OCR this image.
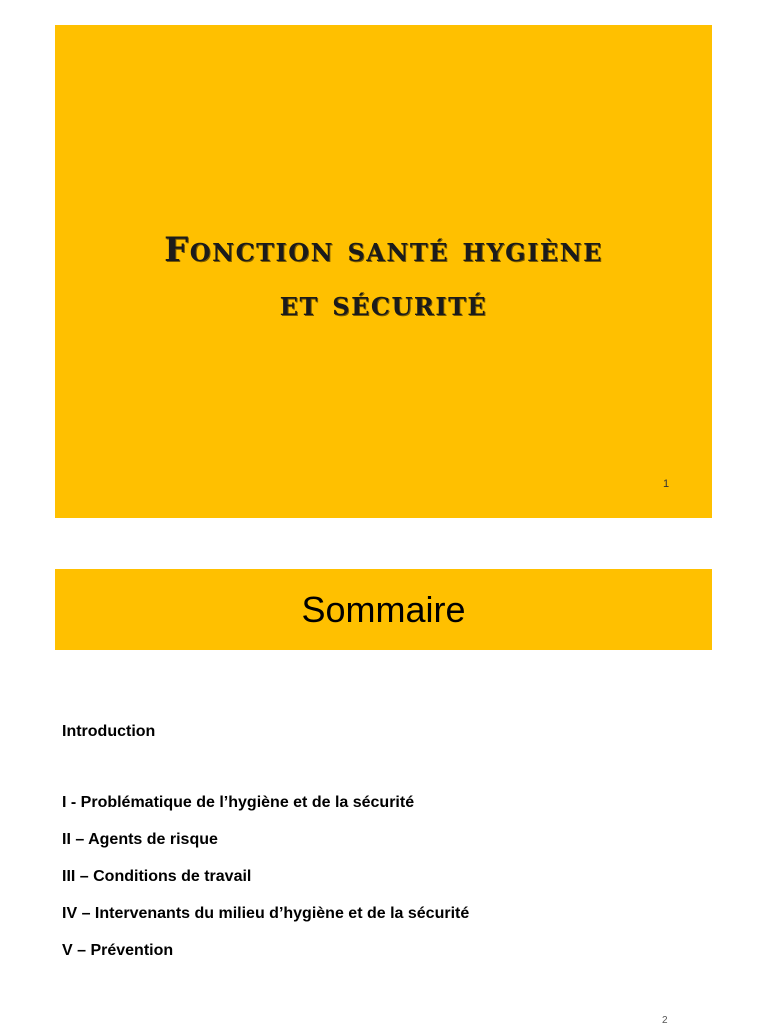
Fonction santé hygiène
et sécurité
1
Sommaire
Introduction
I - Problématique de l’hygiène et de la sécurité
II – Agents de risque
III – Conditions de travail
IV – Intervenants du milieu d’hygiène et de la sécurité
V – Prévention
2
